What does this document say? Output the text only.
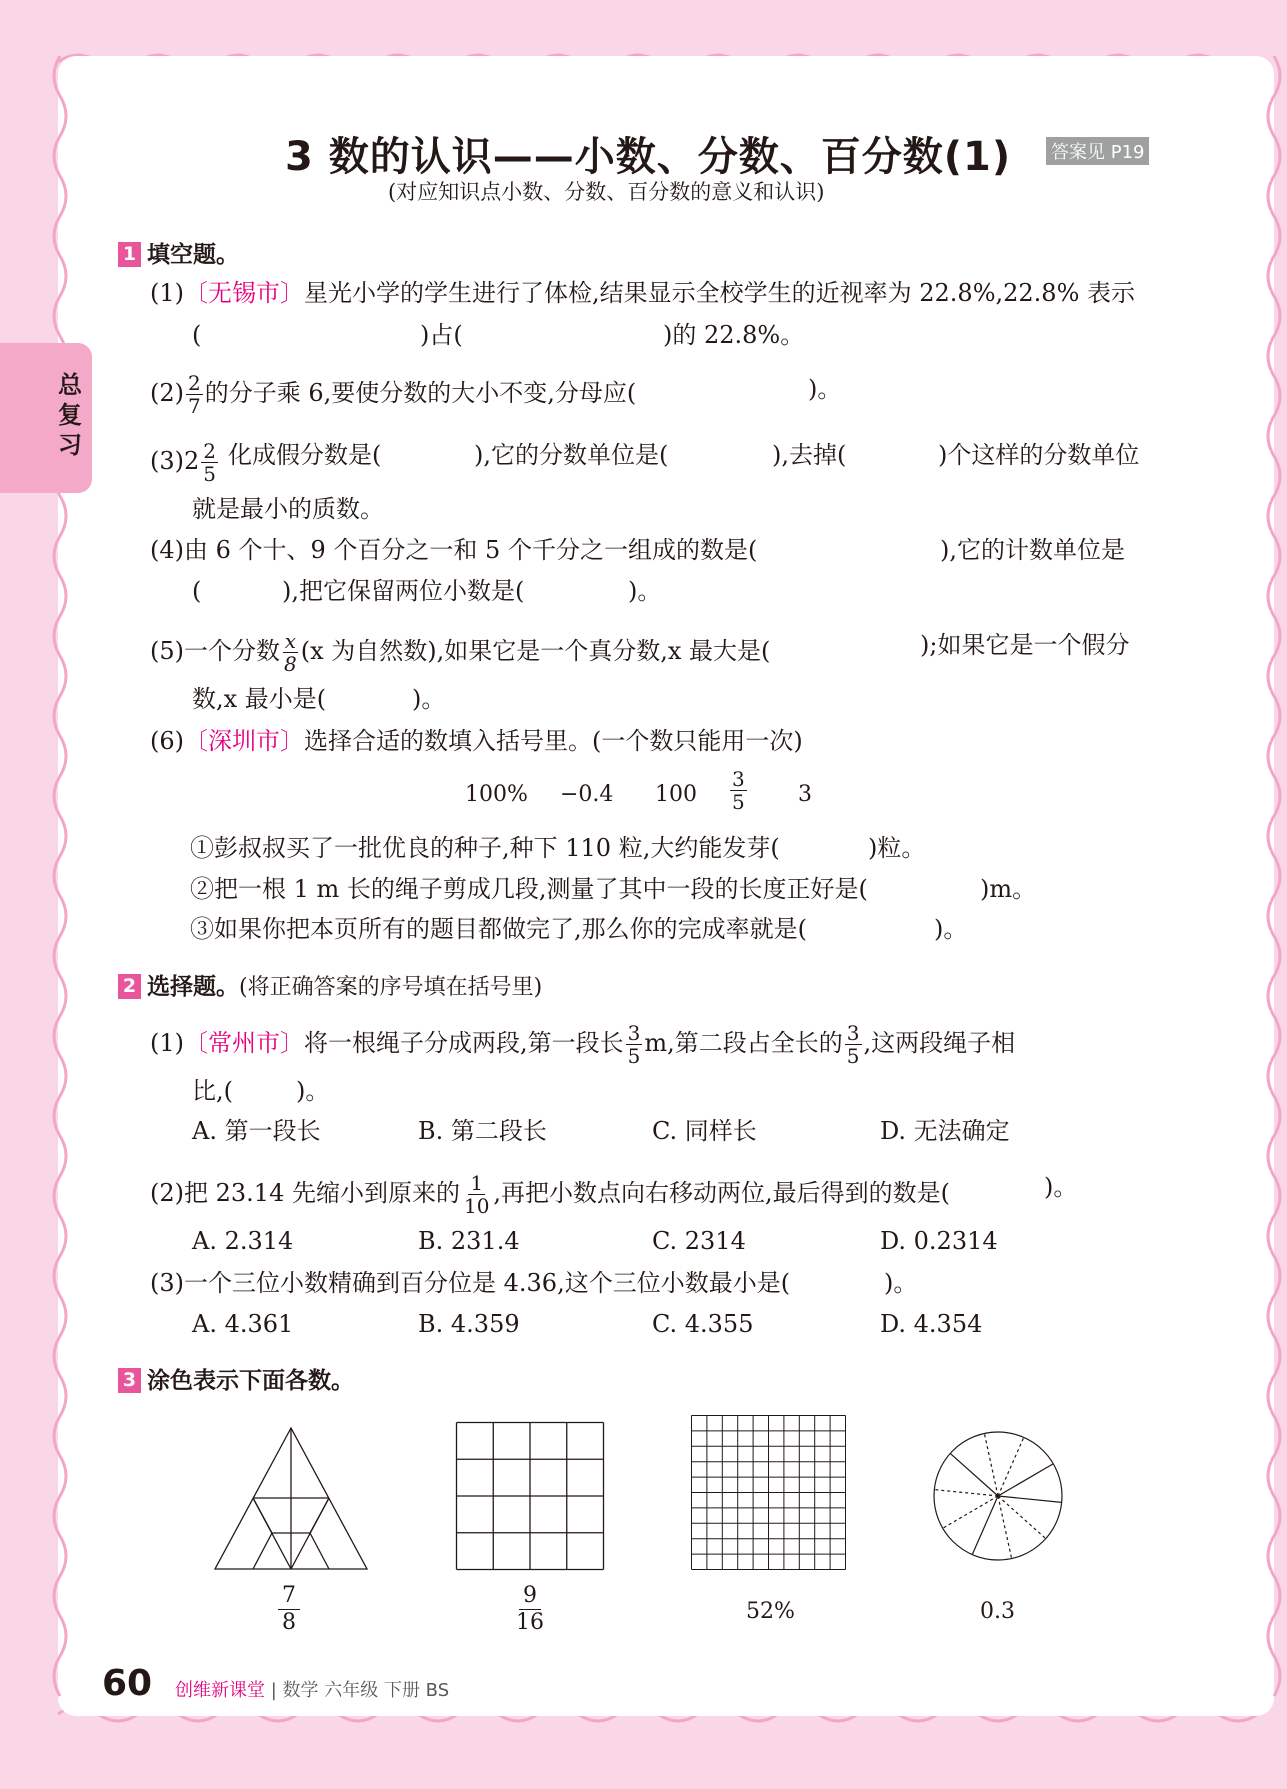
总复习
3 数的认识——小数、分数、百分数(1) 答案见 P19
(对应知识点小数、分数、百分数的意义和认识)
1 填空题。
(1)〔无锡市〕星光小学的学生进行了体检,结果显示全校学生的近视率为 22.8%,22.8% 表示
(	)占(	)的 22.8%。
$(2) \frac{2}{7}$ 的分子乘 6,要使分数的大小不变,分母应(	)。
$(3)2 \frac{2}{5}$ 化成假分数是(	),它的分数单位是(	),去掉(	)个这样的分数单位
就是最小的质数。
(4)由 6 个十、9 个百分之一和 5 个千分之一组成的数是(	),它的计数单位是
(	),把它保留两位小数是(	)。
(5)一个分数 $\frac{x}{8} (x$ 为自然数),如果它是一个真分数,x 最大是(	);如果它是一个假分
数,x 最小是(	)。
(6)〔深圳市〕选择合适的数填入括号里。(一个数只能用一次)
100% −0.4 $100 \frac{3}{5} 3$
①彭叔叔买了一批优良的种子,种下 110 粒,大约能发芽(	)粒。
②把一根 1 m 长的绳子剪成几段,测量了其中一段的长度正好是(	)m。
③如果你把本页所有的题目都做完了,那么你的完成率就是(	)。
2 选择题。(将正确答案的序号填在括号里)
(1)〔常州市〕将一根绳子分成两段,第一段长 $\frac{3}{5} m$,第二段占全长的 $\frac{3}{5}$ ,这两段绳子相
比,(	)。
A. 第一段长	B. 第二段长	C. 同样长	D. 无法确定
(2)把 23.14 先缩小到原来的 $\frac{1}{10}$ ,再把小数点向右移动两位,最后得到的数是(	)。
A. 2.314	B. 231.4	C. 2314	D. 0.2314
(3)一个三位小数精确到百分位是 4.36,这个三位小数最小是(	)。
A. 4.361	B. 4.359	C. 4.355	D. 4.354
3 涂色表示下面各数。
7
8
9
16	52%	0.3
60 创维新课堂 | 数学 六年级 下册 BS
